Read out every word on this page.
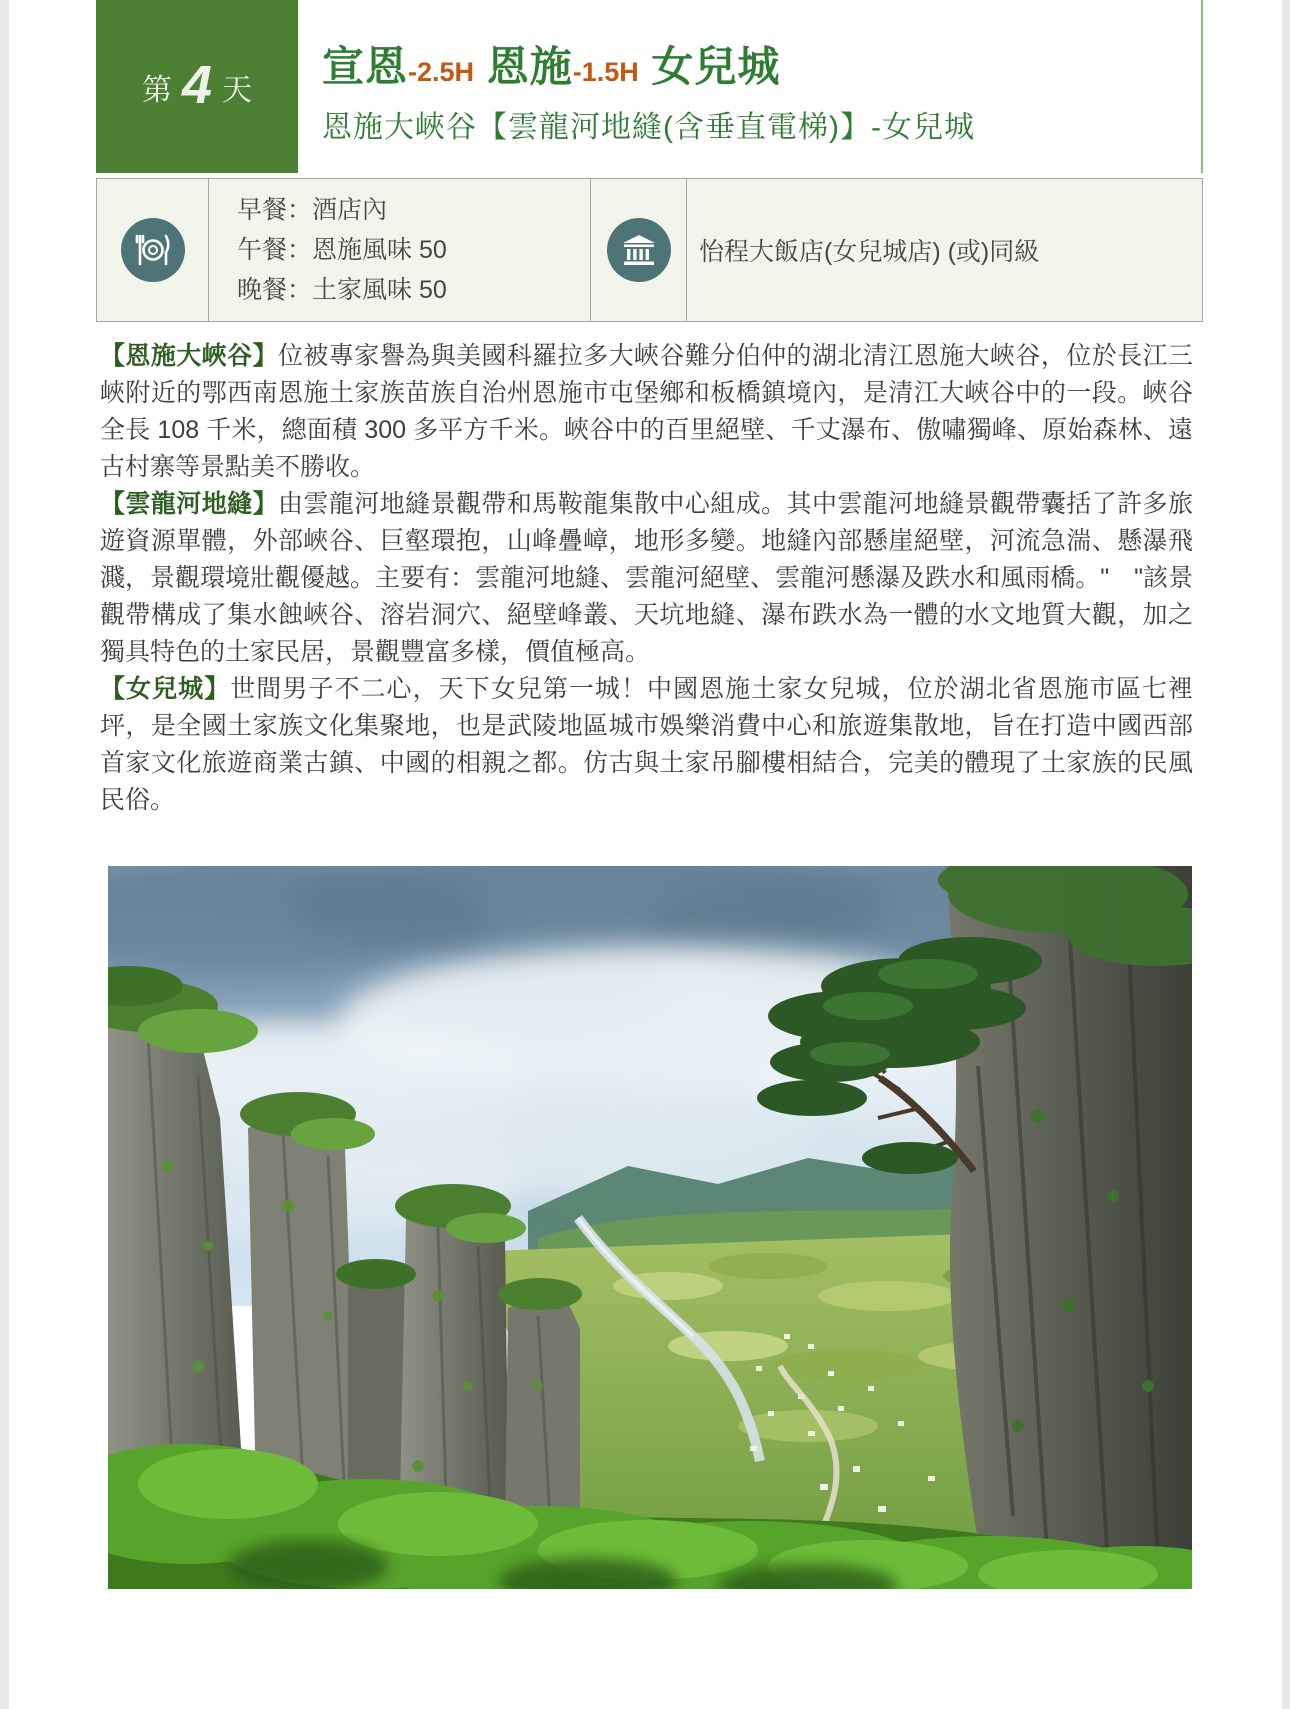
第 4 天 宣恩-2.5H 恩施-1.5H 女兒城
恩施大峽谷【雲龍河地縫(含垂直電梯)】-女兒城
早餐：酒店內
午餐：恩施風味 50
晚餐：土家風味 50
怡程大飯店(女兒城店) (或)同級

【恩施大峽谷】位被專家譽為與美國科羅拉多大峽谷難分伯仲的湖北清江恩施大峽谷，位於長江三峽附近的鄂西南恩施土家族苗族自治州恩施市屯堡鄉和板橋鎮境內，是清江大峽谷中的一段。峽谷全長 108 千米，總面積 300 多平方千米。峽谷中的百里絕壁、千丈瀑布、傲嘯獨峰、原始森林、遠古村寨等景點美不勝收。

【雲龍河地縫】由雲龍河地縫景觀帶和馬鞍龍集散中心組成。其中雲龍河地縫景觀帶囊括了許多旅遊資源單體，外部峽谷、巨壑環抱，山峰疊嶂，地形多變。地縫內部懸崖絕壁，河流急湍、懸瀑飛濺，景觀環境壯觀優越。主要有：雲龍河地縫、雲龍河絕壁、雲龍河懸瀑及跌水和風雨橋。"　"該景觀帶構成了集水蝕峽谷、溶岩洞穴、絕壁峰叢、天坑地縫、瀑布跌水為一體的水文地質大觀，加之獨具特色的土家民居，景觀豐富多樣，價值極高。

【女兒城】世間男子不二心，天下女兒第一城！中國恩施土家女兒城，位於湖北省恩施市區七裡坪，是全國土家族文化集聚地，也是武陵地區城市娛樂消費中心和旅遊集散地，旨在打造中國西部首家文化旅遊商業古鎮、中國的相親之都。仿古與土家吊腳樓相結合，完美的體現了土家族的民風民俗。
